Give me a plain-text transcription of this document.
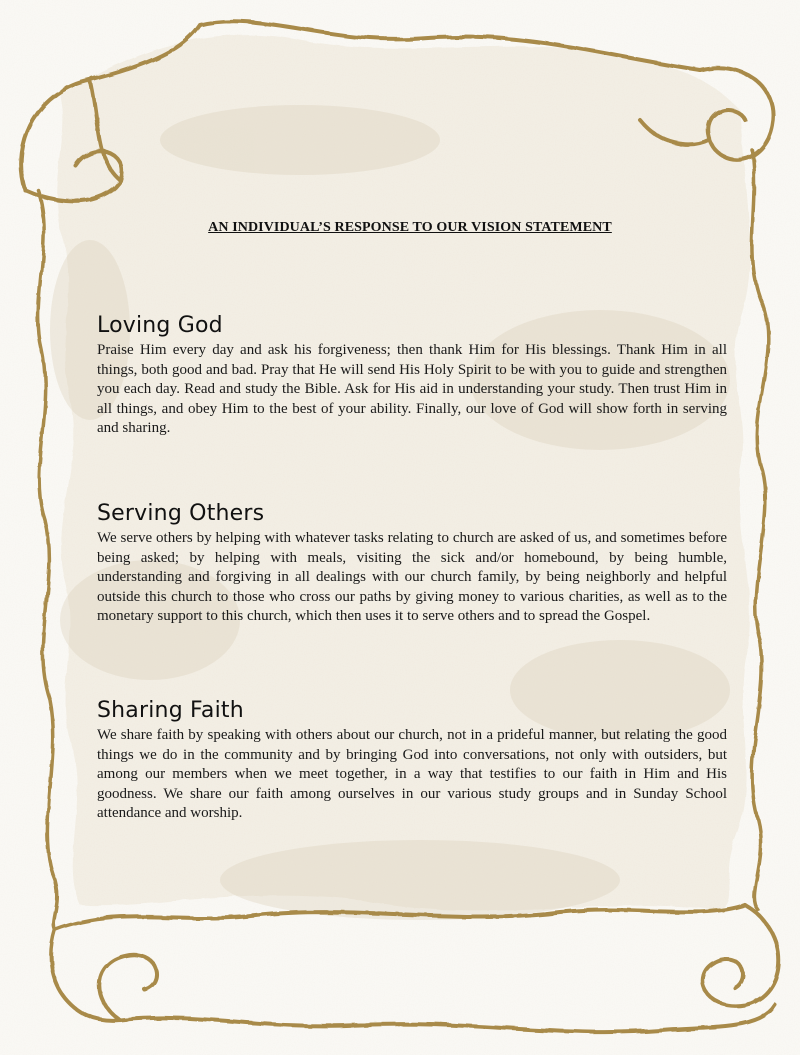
AN INDIVIDUAL’S RESPONSE TO OUR VISION STATEMENT
Loving God

Praise Him every day and ask his forgiveness; then thank Him for His blessings. Thank Him in all things, both good and bad. Pray that He will send His Holy Spirit to be with you to guide and strengthen you each day. Read and study the Bible. Ask for His aid in understanding your study. Then trust Him in all things, and obey Him to the best of your ability. Finally, our love of God will show forth in serving and sharing.

Serving Others

We serve others by helping with whatever tasks relating to church are asked of us, and sometimes before being asked; by helping with meals, visiting the sick and/or homebound, by being humble, understanding and forgiving in all dealings with our church family, by being neighborly and helpful outside this church to those who cross our paths by giving money to various charities, as well as to the monetary support to this church, which then uses it to serve others and to spread the Gospel.

Sharing Faith

We share faith by speaking with others about our church, not in a prideful manner, but relating the good things we do in the community and by bringing God into conversations, not only with outsiders, but among our members when we meet together, in a way that testifies to our faith in Him and His goodness. We share our faith among ourselves in our various study groups and in Sunday School attendance and worship.
